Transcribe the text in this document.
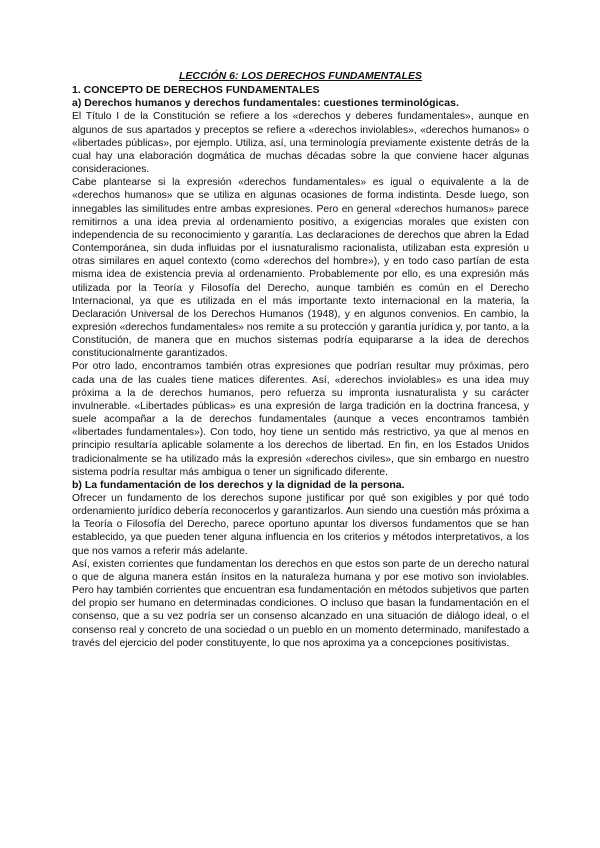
LECCIÓN 6: LOS DERECHOS FUNDAMENTALES
1. CONCEPTO DE DERECHOS FUNDAMENTALES
a) Derechos humanos y derechos fundamentales: cuestiones terminológicas.

El Título I de la Constitución se refiere a los «derechos y deberes fundamentales», aunque en algunos de sus apartados y preceptos se refiere a «derechos inviolables», «derechos humanos» o «libertades públicas», por ejemplo. Utiliza, así, una terminología previamente existente detrás de la cual hay una elaboración dogmática de muchas décadas sobre la que conviene hacer algunas consideraciones.

Cabe plantearse si la expresión «derechos fundamentales» es igual o equivalente a la de «derechos humanos» que se utiliza en algunas ocasiones de forma indistinta. Desde luego, son innegables las similitudes entre ambas expresiones. Pero en general «derechos humanos» parece remitirnos a una idea previa al ordenamiento positivo, a exigencias morales que existen con independencia de su reconocimiento y garantía. Las declaraciones de derechos que abren la Edad Contemporánea, sin duda influidas por el iusnaturalismo racionalista, utilizaban esta expresión u otras similares en aquel contexto (como «derechos del hombre»), y en todo caso partían de esta misma idea de existencia previa al ordenamiento. Probablemente por ello, es una expresión más utilizada por la Teoría y Filosofía del Derecho, aunque también es común en el Derecho Internacional, ya que es utilizada en el más importante texto internacional en la materia, la Declaración Universal de los Derechos Humanos (1948), y en algunos convenios. En cambio, la expresión «derechos fundamentales» nos remite a su protección y garantía jurídica y, por tanto, a la Constitución, de manera que en muchos sistemas podría equipararse a la idea de derechos constitucionalmente garantizados.

Por otro lado, encontramos también otras expresiones que podrían resultar muy próximas, pero cada una de las cuales tiene matices diferentes. Así, «derechos inviolables» es una idea muy próxima a la de derechos humanos, pero refuerza su impronta iusnaturalista y su carácter invulnerable. «Libertades públicas» es una expresión de larga tradición en la doctrina francesa, y suele acompañar a la de derechos fundamentales (aunque a veces encontramos también «libertades fundamentales»). Con todo, hoy tiene un sentido más restrictivo, ya que al menos en principio resultaría aplicable solamente a los derechos de libertad. En fin, en los Estados Unidos tradicionalmente se ha utilizado más la expresión «derechos civiles», que sin embargo en nuestro sistema podría resultar más ambigua o tener un significado diferente.

b) La fundamentación de los derechos y la dignidad de la persona.

Ofrecer un fundamento de los derechos supone justificar por qué son exigibles y por qué todo ordenamiento jurídico debería reconocerlos y garantizarlos. Aun siendo una cuestión más próxima a la Teoría o Filosofía del Derecho, parece oportuno apuntar los diversos fundamentos que se han establecido, ya que pueden tener alguna influencia en los criterios y métodos interpretativos, a los que nos vamos a referir más adelante.

Así, existen corrientes que fundamentan los derechos en que estos son parte de un derecho natural o que de alguna manera están ínsitos en la naturaleza humana y por ese motivo son inviolables. Pero hay también corrientes que encuentran esa fundamentación en métodos subjetivos que parten del propio ser humano en determinadas condiciones. O incluso que basan la fundamentación en el consenso, que a su vez podría ser un consenso alcanzado en una situación de diálogo ideal, o el consenso real y concreto de una sociedad o un pueblo en un momento determinado, manifestado a través del ejercicio del poder constituyente, lo que nos aproxima ya a concepciones positivistas.
